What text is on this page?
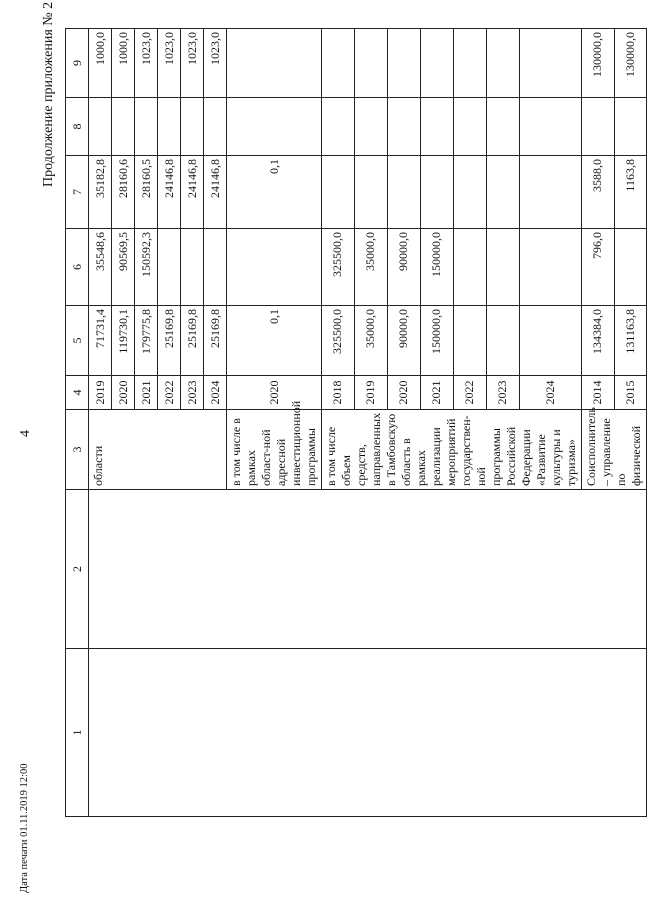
Продолжение приложения № 2
4
Дата печати 01.11.2019 12:00
1	2	3	4	5	6	7	8	9
		области	2019	71731,4	35548,6	35182,8		1000,0
			2020	119730,1	90569,5	28160,6		1000,0
			2021	179775,8	150592,3	28160,5		1023,0
			2022	25169,8		24146,8		1023,0
			2023	25169,8		24146,8		1023,0
			2024	25169,8		24146,8		1023,0
		в том числе в рамках област-ной адресной инвестиционной программы	2020	0,1		0,1		
		в том числе объем средств, направленных в Тамбовскую область в рамках реализации мероприятий государствен-ной программы Российской Федерации «Развитие культуры и туризма»	2018	325500,0	325500,0			
			2019	35000,0	35000,0			
			2020	90000,0	90000,0			
			2021	150000,0	150000,0			
			2022					
			2023					
			2024					
		Соисполнитель – управление по физической	2014	134384,0	796,0	3588,0		130000,0
			2015	131163,8		1163,8		130000,0
